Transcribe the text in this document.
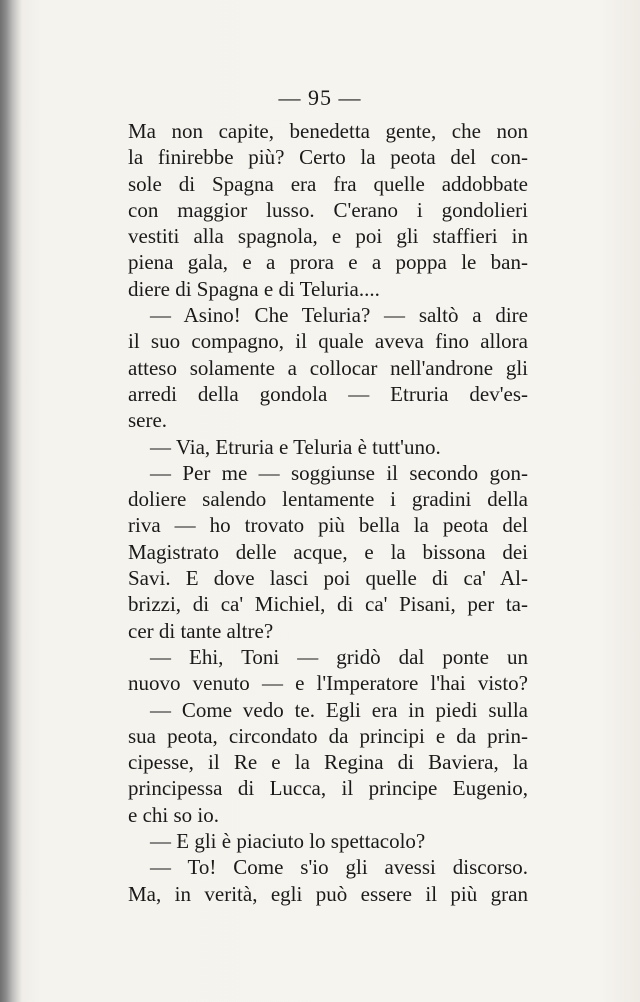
— 95 —
Ma non capite, benedetta gente, che non
la finirebbe più? Certo la peota del con-
sole di Spagna era fra quelle addobbate
con maggior lusso. C'erano i gondolieri
vestiti alla spagnola, e poi gli staffieri in
piena gala, e a prora e a poppa le ban-
diere di Spagna e di Teluria....
— Asino! Che Teluria? — saltò a dire
il suo compagno, il quale aveva fino allora
atteso solamente a collocar nell'androne gli
arredi della gondola — Etruria dev'es-
sere.
— Via, Etruria e Teluria è tutt'uno.
— Per me — soggiunse il secondo gon-
doliere salendo lentamente i gradini della
riva — ho trovato più bella la peota del
Magistrato delle acque, e la bissona dei
Savi. E dove lasci poi quelle di ca' Al-
brizzi, di ca' Michiel, di ca' Pisani, per ta-
cer di tante altre?
— Ehi, Toni — gridò dal ponte un
nuovo venuto — e l'Imperatore l'hai visto?
— Come vedo te. Egli era in piedi sulla
sua peota, circondato da principi e da prin-
cipesse, il Re e la Regina di Baviera, la
principessa di Lucca, il principe Eugenio,
e chi so io.
— E gli è piaciuto lo spettacolo?
— To! Come s'io gli avessi discorso.
Ma, in verità, egli può essere il più gran
